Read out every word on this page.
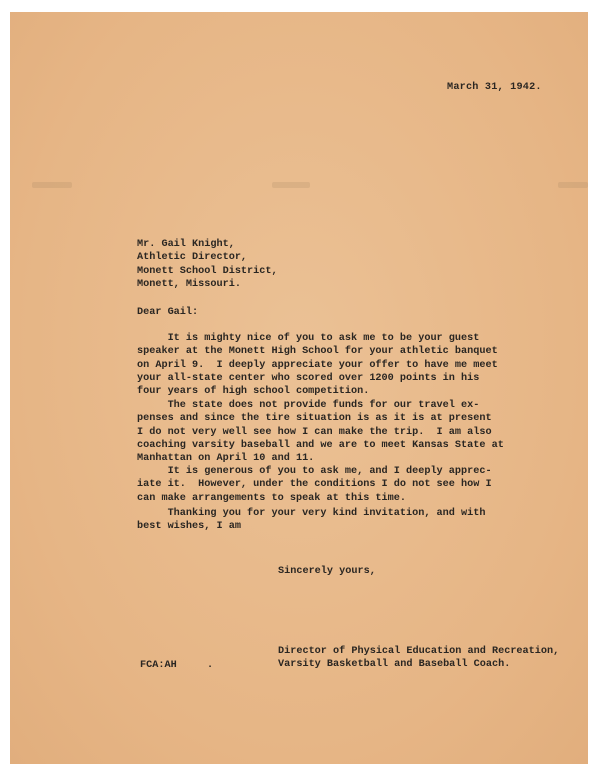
March 31, 1942.
Mr. Gail Knight,
Athletic Director,
Monett School District,
Monett, Missouri.
Dear Gail:
It is mighty nice of you to ask me to be your guest
speaker at the Monett High School for your athletic banquet
on April 9.  I deeply appreciate your offer to have me meet
your all-state center who scored over 1200 points in his
four years of high school competition.
The state does not provide funds for our travel ex-
penses and since the tire situation is as it is at present
I do not very well see how I can make the trip.  I am also
coaching varsity baseball and we are to meet Kansas State at
Manhattan on April 10 and 11.
It is generous of you to ask me, and I deeply apprec-
iate it.  However, under the conditions I do not see how I
can make arrangements to speak at this time.
Thanking you for your very kind invitation, and with
best wishes, I am
Sincerely yours,
Director of Physical Education and Recreation,
Varsity Basketball and Baseball Coach.
FCA:AH	.
